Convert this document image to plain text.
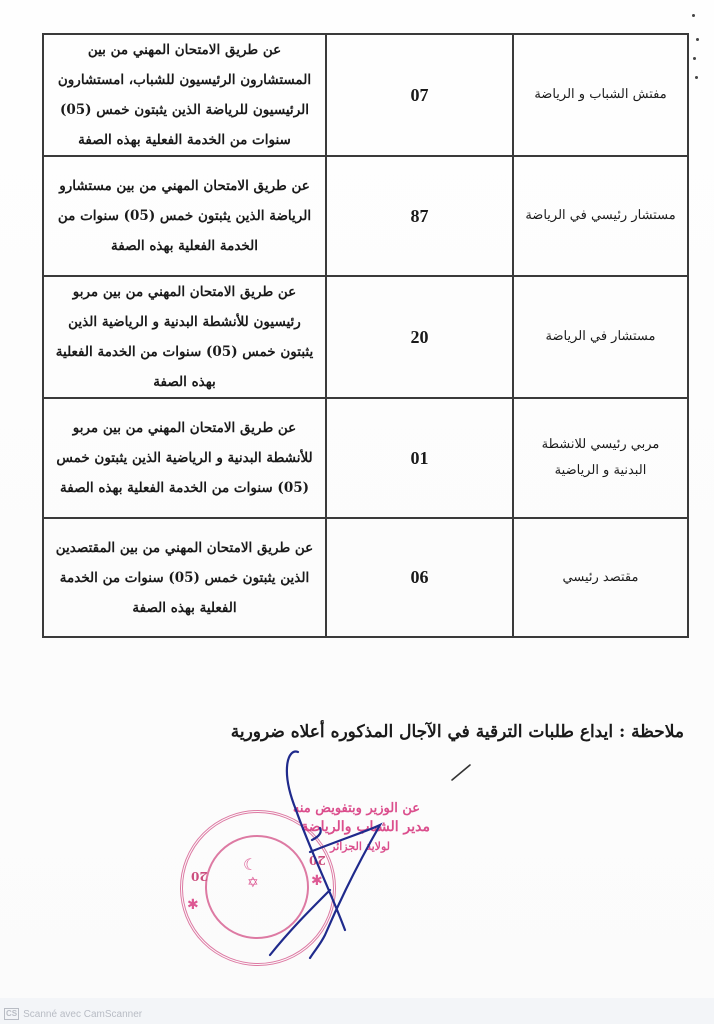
مفتش الشباب و الرياضة	07	عن طريق الامتحان المهني من بين المستشارون الرئيسيون للشباب، امستشارون الرئيسيون للرياضة الذين يثبتون خمس (05) سنوات من الخدمة الفعلية بهذه الصفة
مستشار رئيسي في الرياضة	87	عن طريق الامتحان المهني من بين مستشارو الرياضة الذين يثبتون خمس (05) سنوات من الخدمة الفعلية بهذه الصفة
مستشار في الرياضة	20	عن طريق الامتحان المهني من بين مربو رئيسيون للأنشطة البدنية و الرياضية الذين يثبتون خمس (05) سنوات من الخدمة الفعلية بهذه الصفة
مربي رئيسي للانشطة البدنية و الرياضية	01	عن طريق الامتحان المهني من بين مربو للأنشطة البدنية و الرياضية الذين يثبتون خمس (05) سنوات من الخدمة الفعلية بهذه الصفة
مقتصد رئيسي	06	عن طريق الامتحان المهني من بين المقتصدين الذين يثبتون خمس (05) سنوات من الخدمة الفعلية بهذه الصفة
ملاحظة : ايداع طلبات الترقية في الآجال المذكوره أعلاه ضرورية
✡
☾
✱
✱
20
20
عن الوزير وبتفويض منه
مدير الشباب والرياضة
لولاية الجزائر
CS Scanné avec CamScanner
